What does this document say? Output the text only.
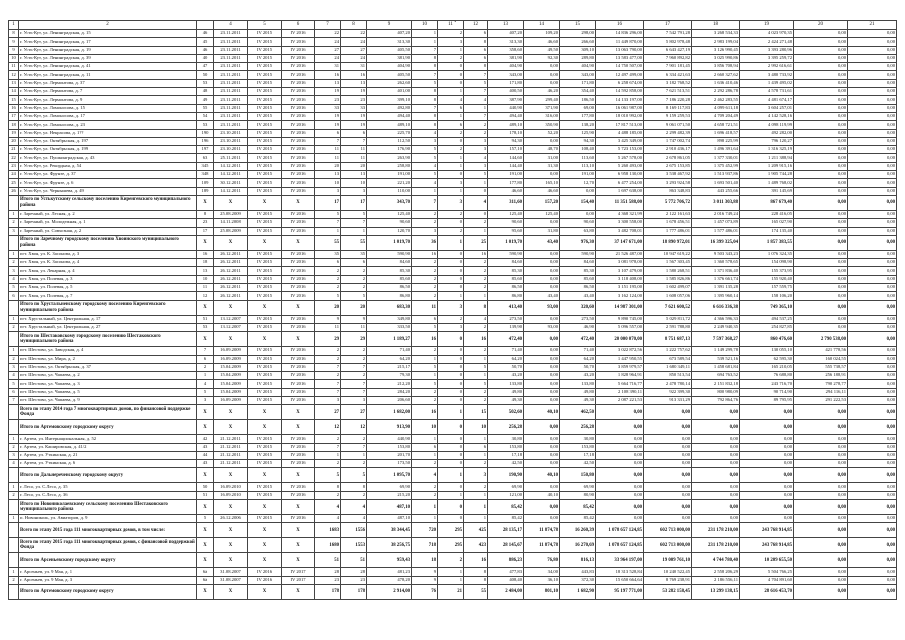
.
1	2		4	5	6	7	8	9	10	11	12	13	14	15	16	17	18	19	20	21
8	г. Усть-Кут, ул. Ленинградская, д. 15	46	23.11.2011	IV 2015	IV 2016	22	22	407,20	1	2	6	407,20	109,20	298,00	14 836 296,00	7 542 791,28	3 268 534,33	4 023 970,35	0,00	0,00
9	г. Усть-Кут, ул. Ленинградская, д. 17	45	23.11.2011	IV 2015	IV 2016	24	24	313,30	1	3	8	313,30	46,60	266,60	11 449 870,00	5 802 978,48	2 983 199,04	2 424 271,48	0,00	0,00
9	г. Усть-Кут, ул. Ленинградская, д. 19	46	23.11.2011	IV 2015	IV 2016	27	27	405,50	7	1	6	358,60	49,50	309,10	13 063 790,00	6 643 427,19	3 126 990,45	3 393 280,96	0,00	0,00
10	г. Усть-Кут, ул. Ленинградская, д. 39	40	23.11.2011	IV 2015	IV 2016	24	24	381,90	8	2	6	381,90	92,30	289,80	13 583 477,00	7 960 892,82	3 025 990,86	3 395 259,72	0,00	0,00
11	г. Усть-Кут, ул. Ленинградская, д. 41	47	23.11.2011	IV 2015	IV 2016	31	31	404,90	8	0	8	404,90	0,00	404,90	14 750 507,00	7 901 181,45	3 856 708,94	2 992 616,61	0,00	0,00
12	г. Усть-Кут, ул. Ленинградская, д. 11	50	23.11.2011	IV 2015	IV 2016	16	16	405,50	7	0	7	343,00	0,00	343,00	12 497 499,00	6 334 421,63	2 660 327,62	3 480 733,92	0,00	0,00
13	г. Усть-Кут, ул. Лермонтова, д. 37	53	23.11.2011	IV 2015	IV 2016	13	13	262,60	5	0	5	171,80	0,00	171,80	6 258 674,00	3 182 768,52	1 636 410,46	1 439 495,02	0,00	0,00
14	г. Усть-Кут, ул. Лермонтова, д. 7	48	23.11.2011	IV 2015	IV 2016	19	19	401,00	8	1	7	400,50	46,20	354,40	14 592 858,00	7 621 513,51	2 292 286,78	4 578 731,61	0,00	0,00
15	г. Усть-Кут, ул. Лермонтова, д. 9	49	23.11.2011	IV 2015	IV 2016	23	23	399,10	8	4	4	387,90	299,40	186,50	14 133 197,00	7 186 220,28	2 462 283,55	4 481 674,17	0,00	0,00
16	г. Усть-Кут, ул. Ломоносова, д. 15	55	23.11.2011	IV 2015	IV 2016	33	33	492,80	7	6	1	440,90	371,90	69,00	16 061 987,00	8 169 117,83	4 099 611,18	3 604 257,01	0,00	0,00
17	г. Усть-Кут, ул. Ломоносова, д. 17	54	23.11.2011	IV 2015	IV 2016	19	19	494,40	8	1	7	494,40	316,00	177,80	18 010 992,00	9 159 259,53	4 709 204,49	4 142 528,16	0,00	0,00
18	г. Усть-Кут, ул. Ломоносова, д. 23	53	23.11.2011	IV 2015	IV 2016	19	19	489,10	8	6	2	489,10	350,90	138,20	17 817 513,00	9 061 071,50	4 658 721,51	4 098 119,99	0,00	0,00
19	г. Усть-Кут, ул. Некрасова, д. 1??	190	23.10.2011	IV 2015	IV 2016	6	6	225,70	4	2	2	178,10	52,20	125,90	4 488 185,00	2 299 482,39	1 696 418,57	492 282,00	0,00	0,00
20	г. Усть-Кут, ул. Октябрьская, д. 197	196	23.10.2011	IV 2015	IV 2016	7	7	112,50	3	0	3	94,30	0,00	94,30	3 425 349,00	1 747 002,74	898 225,99	796 120,27	0,00	0,00
21	г. Усть-Кут, ул. Октябрьская, д. 199	197	23.10.2011	IV 2015	IV 2016	11	11	176,90	5	2	3	157,10	48,70	108,40	5 723 153,00	2 910 436,17	1 496 391,64	1 316 325,19	0,00	0,00
22	г. Усть-Кут, ул. Пушкинградская, д. 43	63	25.11.2011	IV 2015	IV 2016	11	11	263,90	5	1	4	144,60	31,00	113,60	5 267 578,00	2 678 861,05	1 377 330,01	1 211 388,94	0,00	0,00
23	г. Усть-Кут, ул. Рекордная, д. 54	345	14.12.2011	IV 2015	IV 2016	20	20	258,80	4	1	3	144,40	31,30	113,10	5 260 493,00	2 675 153,85	1 375 452,99	1 209 915,16	0,00	0,00
24	г. Усть-Кут, ул. Фрунзе, д. 37	348	14.12.2011	IV 2015	IV 2016	13	13	191,00	5	0	5	191,00	0,00	191,00	6 958 130,00	3 538 467,92	1 513 937,86	1 905 744,28	0,00	0,00
25	г. Усть-Кут, ул. Фрунзе, д. 6	109	30.12.2011	IV 2015	IV 2016	10	10	221,20	4	3	1	177,80	165,10	12,70	6 477 254,00	3 293 924,58	1 693 501,40	1 489 768,02	0,00	0,00
26	г. Усть-Кут, ул. Чернышева, д. 49	189	14.12.2011	IV 2015	IV 2016	3	3	110,00	1	1	0	46,60	46,60	0,00	1 697 638,00	863 348,83	443 255,66	391 145,69	0,00	0,00
	Итого по Устькутскому сельскому поселению Киренгевского муниципального района	X	X	X	X	17	17	343,70	7	3	4	311,60	157,20	154,40	11 351 588,00	5 772 706,72	3 011 303,88	867 679,40	0,00	0,00
1	г. Заречный, ул. Лесная, д. 2	8	25.08.2009	IV 2015	IV 2016	5	5	125,40	2	2	0	125,40	125,40	0,00	4 368 321,99	2 122 161,63	2 016 749,24	228 416,05	0,00	0,00
2	г. Заречный, ул. Молодежная, д. 1	23	14.11.2008	IV 2015	IV 2016	7	7	90,60	2	0	2	90,60	0,00	90,60	3 300 558,00	1 678 456,51	1 457 073,89	165 027,90	0,00	0,00
3	г. Заречный, ул. Совхозная, д. 2	17	25.08.2009	IV 2015	IV 2016	1	1	120,70	3	2	1	95,60	31,80	63,80	3 482 708,01	1 777 486,01	1 577 486,01	174 135,40	0,00	0,00
	Итого по Заречному городскому поселению Хвоинского муниципального района	X	X	X	X	55	55	1 019,70	36	1	25	1 019,70	43,40	976,30	37 147 671,00	18 890 972,01	16 399 325,04	1 857 383,55	0,00	0,00
1	пгт. Хвоя, ул. К. Засонова, д. 3	16	26.12.2011	IV 2015	IV 2016	35	35	590,90	16	0	16	590,90	0,00	590,90	21 526 487,00	10 947 619,22	9 503 343,23	1 076 324,35	0,00	0,00
2	пгт. Хвоя, ул. К. Засонова, д. 4	18	26.12.2011	IV 2015	IV 2016	6	6	84,60	2	0	2	84,60	0,00	84,60	3 081 978,00	1 567 303,45	1 360 578,65	154 098,90	0,00	0,00
3	пгт. Хвоя, ул. Лекарная, д. 4	13	26.12.2011	IV 2015	IV 2016	2	2	85,30	2	0	2	85,30	0,00	85,30	3 107 479,00	1 580 268,51	1 371 836,40	155 373,95	0,00	0,00
4	пгт. Хвоя, ул. Полевая, д. 3	10	26.12.2011	IV 2015	IV 2016	2	2	85,60	2	0	2	85,60	0,00	85,60	3 118 408,00	1 585 826,86	1 376 661,74	155 920,40	0,00	0,00
5	пгт. Хвоя, ул. Полевая, д. 5	11	26.12.2011	IV 2015	IV 2016	2	2	86,50	2	0	2	86,50	0,00	86,50	3 151 195,00	1 602 499,07	1 391 135,28	157 559,75	0,00	0,00
6	пгт. Хвоя, ул. Полевая, д. 7	12	26.12.2011	IV 2015	IV 2016	5	5	86,80	2	1	1	86,80	43,40	43,40	3 162 124,00	1 608 057,06	1 395 960,14	158 106,20	0,00	0,00
	Итого по Хрустальненскому городскому поселению Киренгевского муниципального района	X	X	X	X	20	20	683,30	11	3	8	413,40	93,00	320,60	14 987 301,00	7 621 600,52	6 616 336,38	749 365,10	0,00	0,00
1	пгт. Хрустальный, ул. Центральная, д. 17	51	13.12.2007	IV 2015	IV 2016	9	9	349,80	6	2	4	273,50	0,00	273,50	9 890 745,00	5 029 811,72	4 366 596,33	494 537,25	0,00	0,00
2	пгт. Хрустальный, ул. Центральная, д. 27	53	13.12.2007	IV 2015	IV 2016	11	11	333,50	5	3	2	139,90	93,00	46,90	5 096 557,00	2 591 788,80	2 249 940,35	254 827,85	0,00	0,00
	Итого по Шестаковскому городскому поселению Шестаковского муниципального района	X	X	X	X	29	29	1 189,27	16	0	16	472,40	0,00	472,40	20 000 070,00	8 751 687,13	7 597 368,27	860 476,60	2 790 538,00	0,00
1	пгт. Шестово, ул. Заводская, д. 4	7	16.09.2009	IV 2015	IV 2016	2	2	71,40	2	0	2	71,40	0,00	71,40	3 022 872,56	1 222 757,62	1 149 299,78	130 055,10	421 778,56	0,00
2	пгт. Шестово, ул. Мира, д. 2	6	16.09.2009	IV 2015	IV 2016	2	2	64,20	1	0	1	64,20	0,00	64,20	1 447 950,55	673 589,54	539 521,16	62 595,30	160 024,55	0,00
3	пгт. Шестово, ул. Октябрьская, д. 37	2	15.04.2009	IV 2015	IV 2016	7	7	215,17	5	0	5	50,70	0,00	50,70	3 859 979,57	1 680 349,11	1 458 681,84	165 210,05	555 738,57	0,00
4	пгт. Шестово, ул. Чапаева, д. 2	1	15.04.2009	IV 2015	IV 2016	2	2	79,30	1	0	1	43,20	0,00	43,20	1 828 964,91	850 513,54	694 763,52	76 688,80	256 188,91	0,00
5	пгт. Шестово, ул. Чапаева, д. 3	4	15.04.2009	IV 2015	IV 2016	7	7	212,20	5	0	5	133,80	0,00	133,80	5 664 716,77	2 478 780,14	2 151 832,18	243 716,70	790 278,77	0,00
6	пгт. Шестово, ул. Чапаева, д. 5	5	15.04.2009	IV 2015	IV 2016	7	7	284,20	2	0	2	49,80	0,00	49,80	2 108 390,11	922 399,30	800 980,09	90 714,90	294 116,11	0,00
7	пгт. Шестово, ул. Чапаева, д. 9	3	16.09.2009	IV 2015	IV 2016	3	3	206,60	2	0	2	49,30	0,00	49,30	2 087 221,53	913 331,29	792 864,76	89 795,95	291 222,53	0,00
	Всего по этапу 2014 года 7 многоквартирных домов, по финансовой поддержке Фонда	X	X	X	X	27	27	1 682,00	16	1	15	502,60	40,10	462,50	0,00	0,00	0,00	0,00	0,00	0,00
	Итого по Артемовскому городскому округу	X	X	X	X	12	12	913,90	10	0	10	256,28	0,00	256,28	0,00	0,00	0,00	0,00	0,00	0,00
1	г. Артем, ул. Интернациональная, д. 52	42	21.12.2011	IV 2015	IV 2016	2	2	440,90	1	0	1	30,80	0,00	30,80	0,00	0,00	0,00	0,00	0,00	0,00
2	г. Артем, ул. Кашировская, д. 41/2	43	21.12.2011	IV 2015	IV 2016	7	7	153,80	6	0	6	153,80	0,00	153,80	0,00	0,00	0,00	0,00	0,00	0,00
3	г. Артем, ул. Уткинская, д. 21	44	21.12.2011	IV 2015	IV 2016	1	1	201,70	1	0	1	17,18	0,00	17,18	0,00	0,00	0,00	0,00	0,00	0,00
4	г. Артем, ул. Уткинская, д. 6	43	21.12.2011	IV 2015	IV 2016	2	2	173,50	2	0	2	42,50	0,00	42,50	0,00	0,00	0,00	0,00	0,00	0,00
	Итого по Дальнереченскому городскому округу	X	X	X	X	5	5	1 095,70	4	1	3	190,90	40,10	150,80	0,00	0,00	0,00	0,00	0,00	0,00
1	г. Лесо, ул. С.Лесо, д. 35	50	16.09.2010	IV 2015	IV 2016	8	8	69,90	2	0	2	69,90	0,00	69,90	0,00	0,00	0,00	0,00	0,00	0,00
2	г. Лесо, ул. С.Лесо, д. 36	51	16.09.2010	IV 2015	IV 2016	2	2	215,20	2	1	1	121,00	40,10	80,90	0,00	0,00	0,00	0,00	0,00	0,00
	Итого по Новониколаевскому сельскому поселению Шестаковского муниципального района	X	X	X	X	4	4	487,10	1	0	1	85,42	0,00	85,42	0,00	0,00	0,00	0,00	0,00	0,00
1	п. Новониколь, ул. Авиаторов, д. 9	5	26.12.2006	IV 2015	IV 2016	4	4	487,10	1	0	1	85,42	0,00	85,42	0,00	0,00	0,00	0,00	0,00	0,00
	Всего по этапу 2015 года 111 многоквартирных домов, в том числе:	X	X	X	X	1683	1556	38 344,45	720	295	425	28 135,17	11 874,78	16 260,39	1 078 657 124,85	602 713 000,00	231 178 210,00	243 768 914,85	0,00	0,00
	Всего по этапу 2015 года 111 многоквартирных домов, с финансовой поддержкой Фонда	X	X	X	X	1680	1553	38 256,75	718	295	423	28 145,67	11 874,78	16 270,69	1 078 657 124,85	602 713 000,00	231 178 210,00	243 768 914,85	0,00	0,00
	Итого по Арсеньевскому городскому округу	X	X	X	X	51	51	959,43	18	2	16	886,23	76,80	816,13	33 964 197,00	19 009 761,10	4 744 780,40	10 209 655,50	0,00	0,00
1	г. Арсеньев, ул. 9 Мая, д. 1	6ä	31.08.2007	IV 2016	IV 2017	28	28	481,23	9	1	8	477,83	34,00	443,83	18 313 528,84	10 240 522,45	2 558 206,29	5 504 766,25	0,00	0,00
2	г. Арсеньев, ул. 9 Мая, д. 3	6ä	31.08.2007	IV 2016	IV 2017	23	23	478,20	9	1	8	408,40	36,10	372,30	15 650 664,64	8 769 238,91	2 186 556,11	4 704 891,60	0,00	0,00
	Итого по Артемовскому городскому округу	X	X	X	X	178	178	2 914,00	76	21	55	2 484,00	801,10	1 682,90	95 197 771,00	53 282 158,45	13 299 138,15	28 616 453,70	0,00	0,00
